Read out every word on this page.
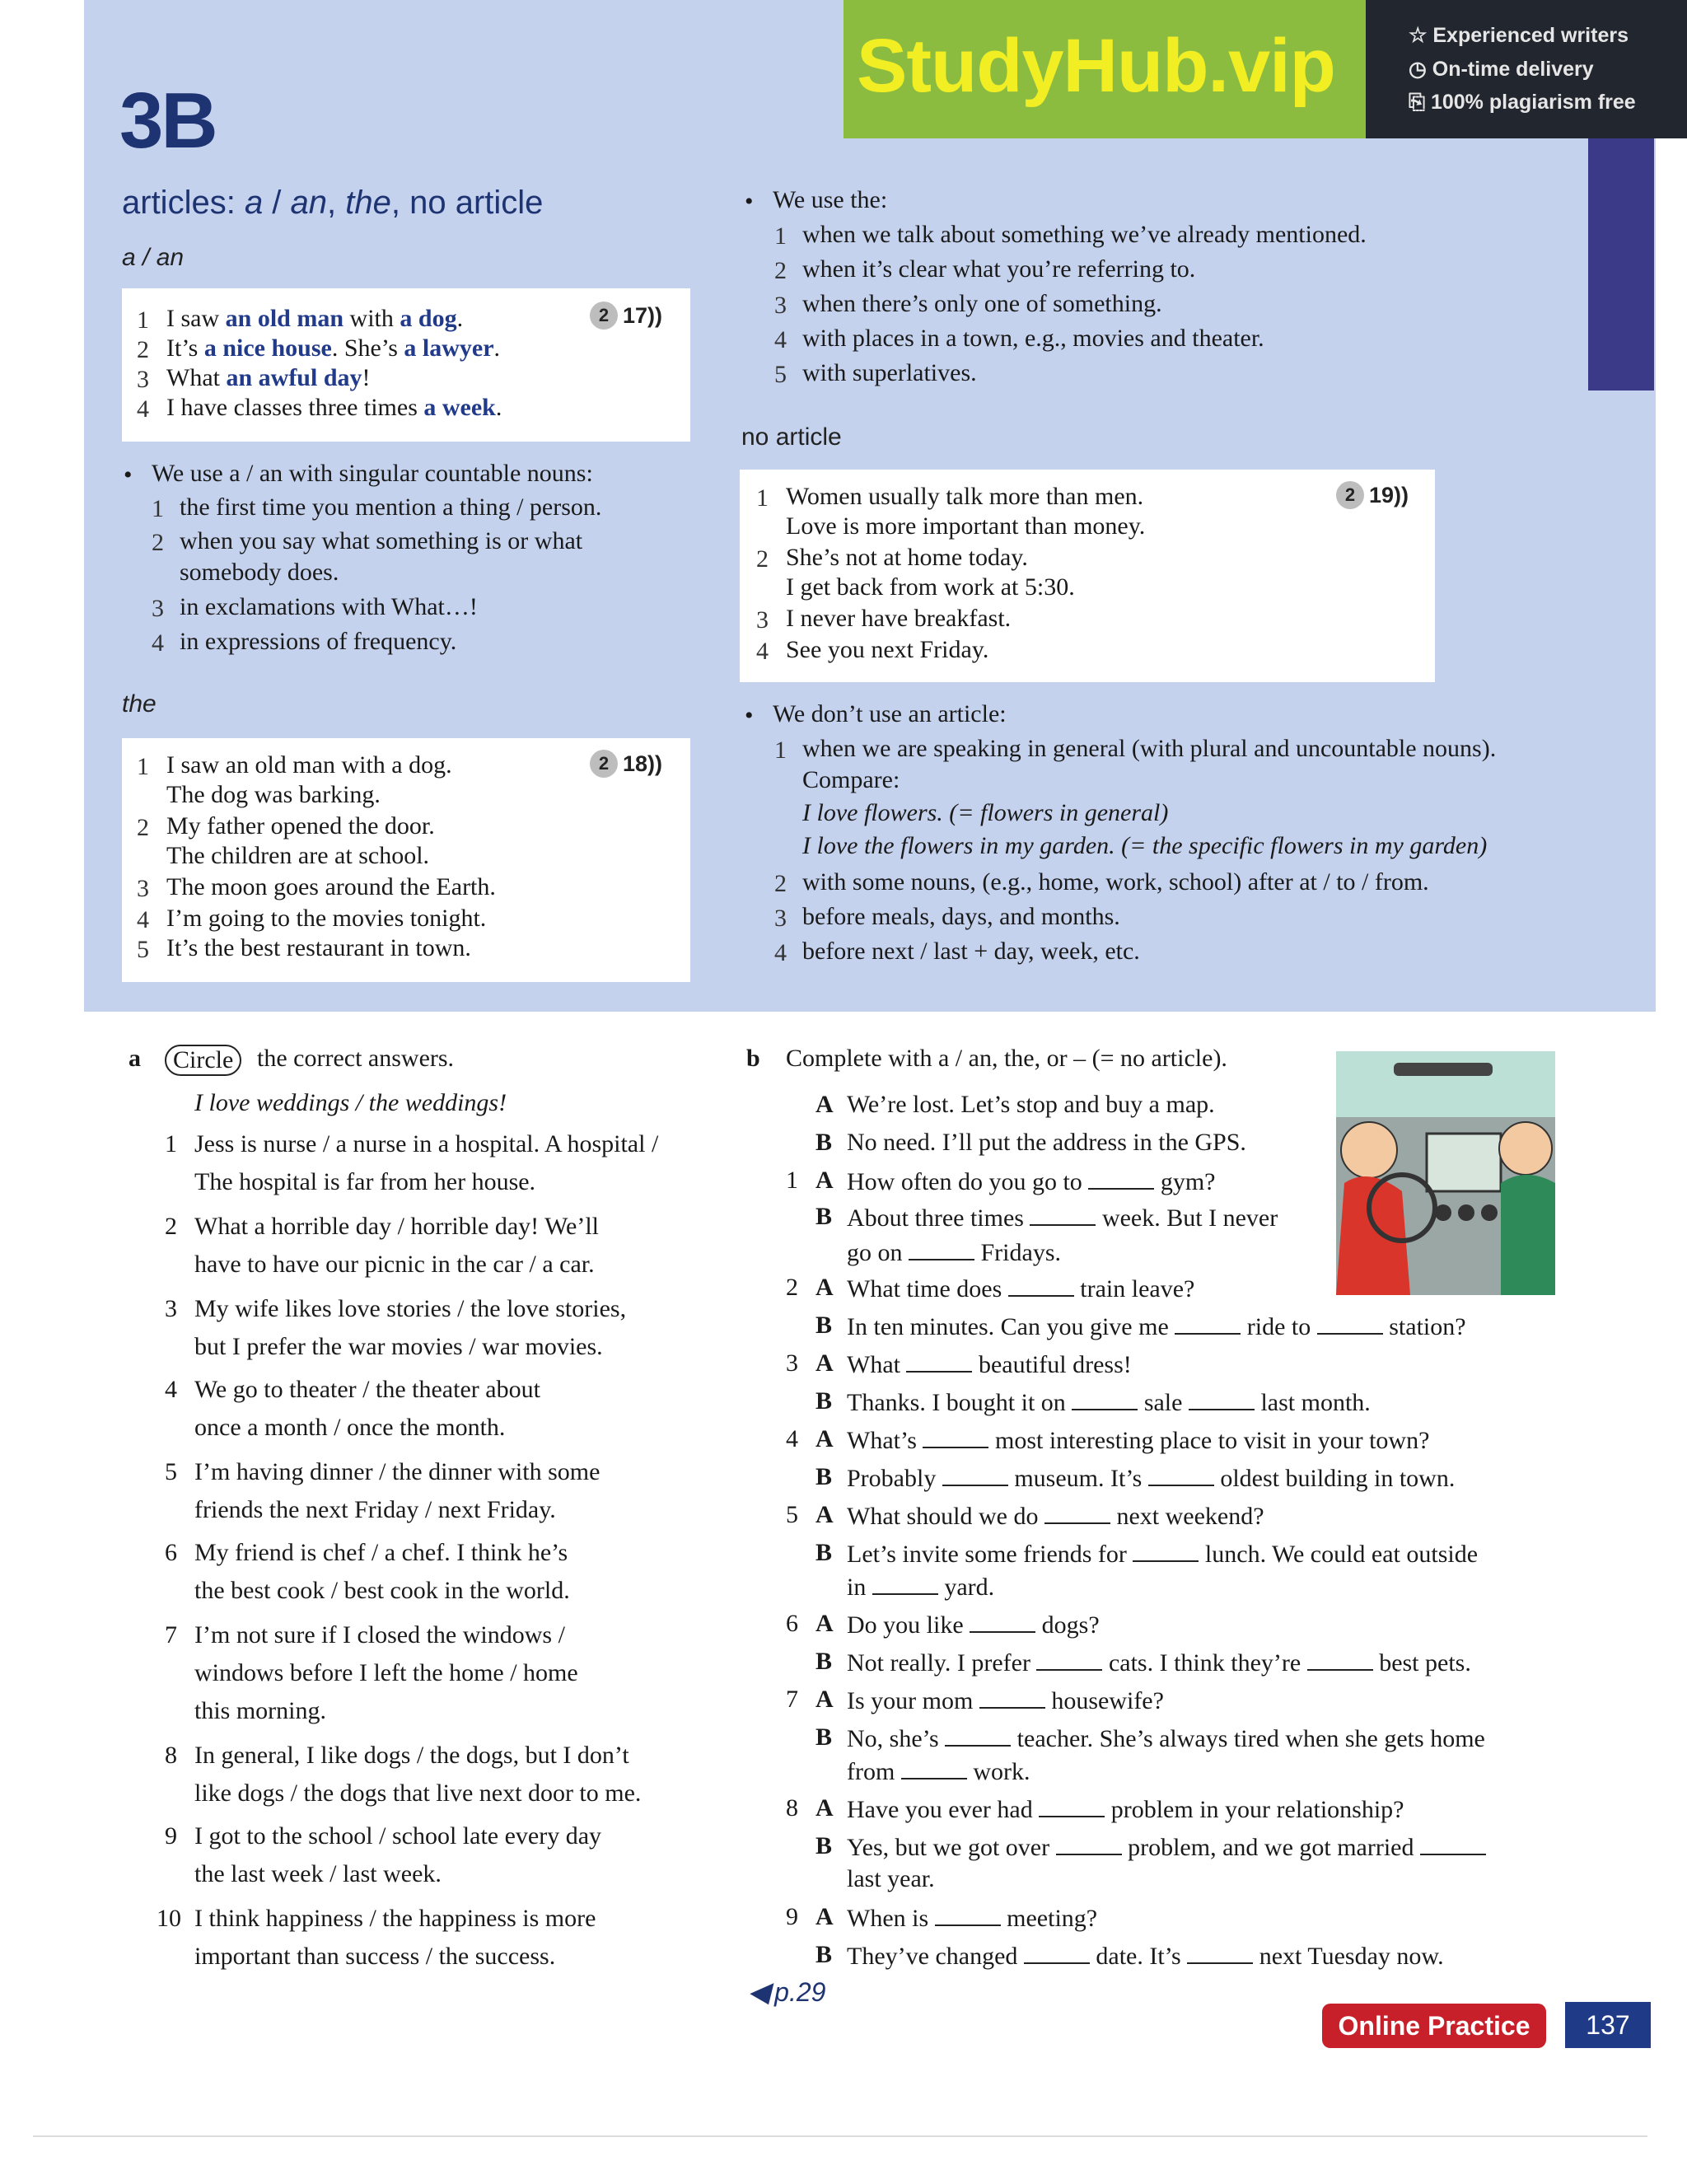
StudyHub.vip	☆ Experienced writers
◷ On-time delivery
⎘ 100% plagiarism free
3B
articles: a / an, the, no article
a / an
2 17 ))
1 I saw an old man with a dog.
2 It’s a nice house. She’s a lawyer.
3 What an awful day!
4 I have classes three times a week.
• We use a / an with singular countable nouns:
1 the first time you mention a thing / person.
2 when you say what something is or what
somebody does.
3 in exclamations with What…!
4 in expressions of frequency.
the
2 18 ))
1 I saw an old man with a dog.
The dog was barking.
2 My father opened the door.
The children are at school.
3 The moon goes around the Earth.
4 I’m going to the movies tonight.
5 It’s the best restaurant in town.
• We use the:
1 when we talk about something we’ve already mentioned.
2 when it’s clear what you’re referring to.
3 when there’s only one of something.
4 with places in a town, e.g., movies and theater.
5 with superlatives.
no article
2 19 ))
1 Women usually talk more than men.
Love is more important than money.
2 She’s not at home today.
I get back from work at 5:30.
3 I never have breakfast.
4 See you next Friday.
• We don’t use an article:
1 when we are speaking in general (with plural and uncountable nouns).
Compare:
I love flowers. (= flowers in general)
I love the flowers in my garden. (= the specific flowers in my garden)
2 with some nouns, (e.g., home, work, school) after at / to / from.
3 before meals, days, and months.
4 before next / last + day, week, etc.
a	Circle the correct answers.
I love weddings / the weddings!
1 Jess is nurse / a nurse in a hospital. A hospital /
The hospital is far from her house.
2 What a horrible day / horrible day! We’ll
have to have our picnic in the car / a car.
3 My wife likes love stories / the love stories,
but I prefer the war movies / war movies.
4 We go to theater / the theater about
once a month / once the month.
5 I’m having dinner / the dinner with some
friends the next Friday / next Friday.
6 My friend is chef / a chef. I think he’s
the best cook / best cook in the world.
7 I’m not sure if I closed the windows /
windows before I left the home / home
this morning.
8 In general, I like dogs / the dogs, but I don’t
like dogs / the dogs that live next door to me.
9 I got to the school / school late every day
the last week / last week.
10 I think happiness / the happiness is more
important than success / the success.
b Complete with a / an, the, or – (= no article).
A We’re lost. Let’s stop and buy a map.
B No need. I’ll put the address in the GPS.
1 A How often do you go to	gym?
B About three times	week. But I never
go on	Fridays.
2 A What time does	train leave?
B In ten minutes. Can you give me	ride to	station?
3 A What	beautiful dress!
B Thanks. I bought it on	sale	last month.
4 A What’s	most interesting place to visit in your town?
B Probably	museum. It’s	oldest building in town.
5 A What should we do	next weekend?
B Let’s invite some friends for	lunch. We could eat outside
in	yard.
6 A Do you like	dogs?
B Not really. I prefer	cats. I think they’re	best pets.
7 A Is your mom	housewife?
B No, she’s	teacher. She’s always tired when she gets home
from	work.
8 A Have you ever had	problem in your relationship?
B Yes, but we got over	problem, and we got married
last year.
9 A When is	meeting?
B They’ve changed	date. It’s	next Tuesday now.
◀ p.29
Online Practice	137
